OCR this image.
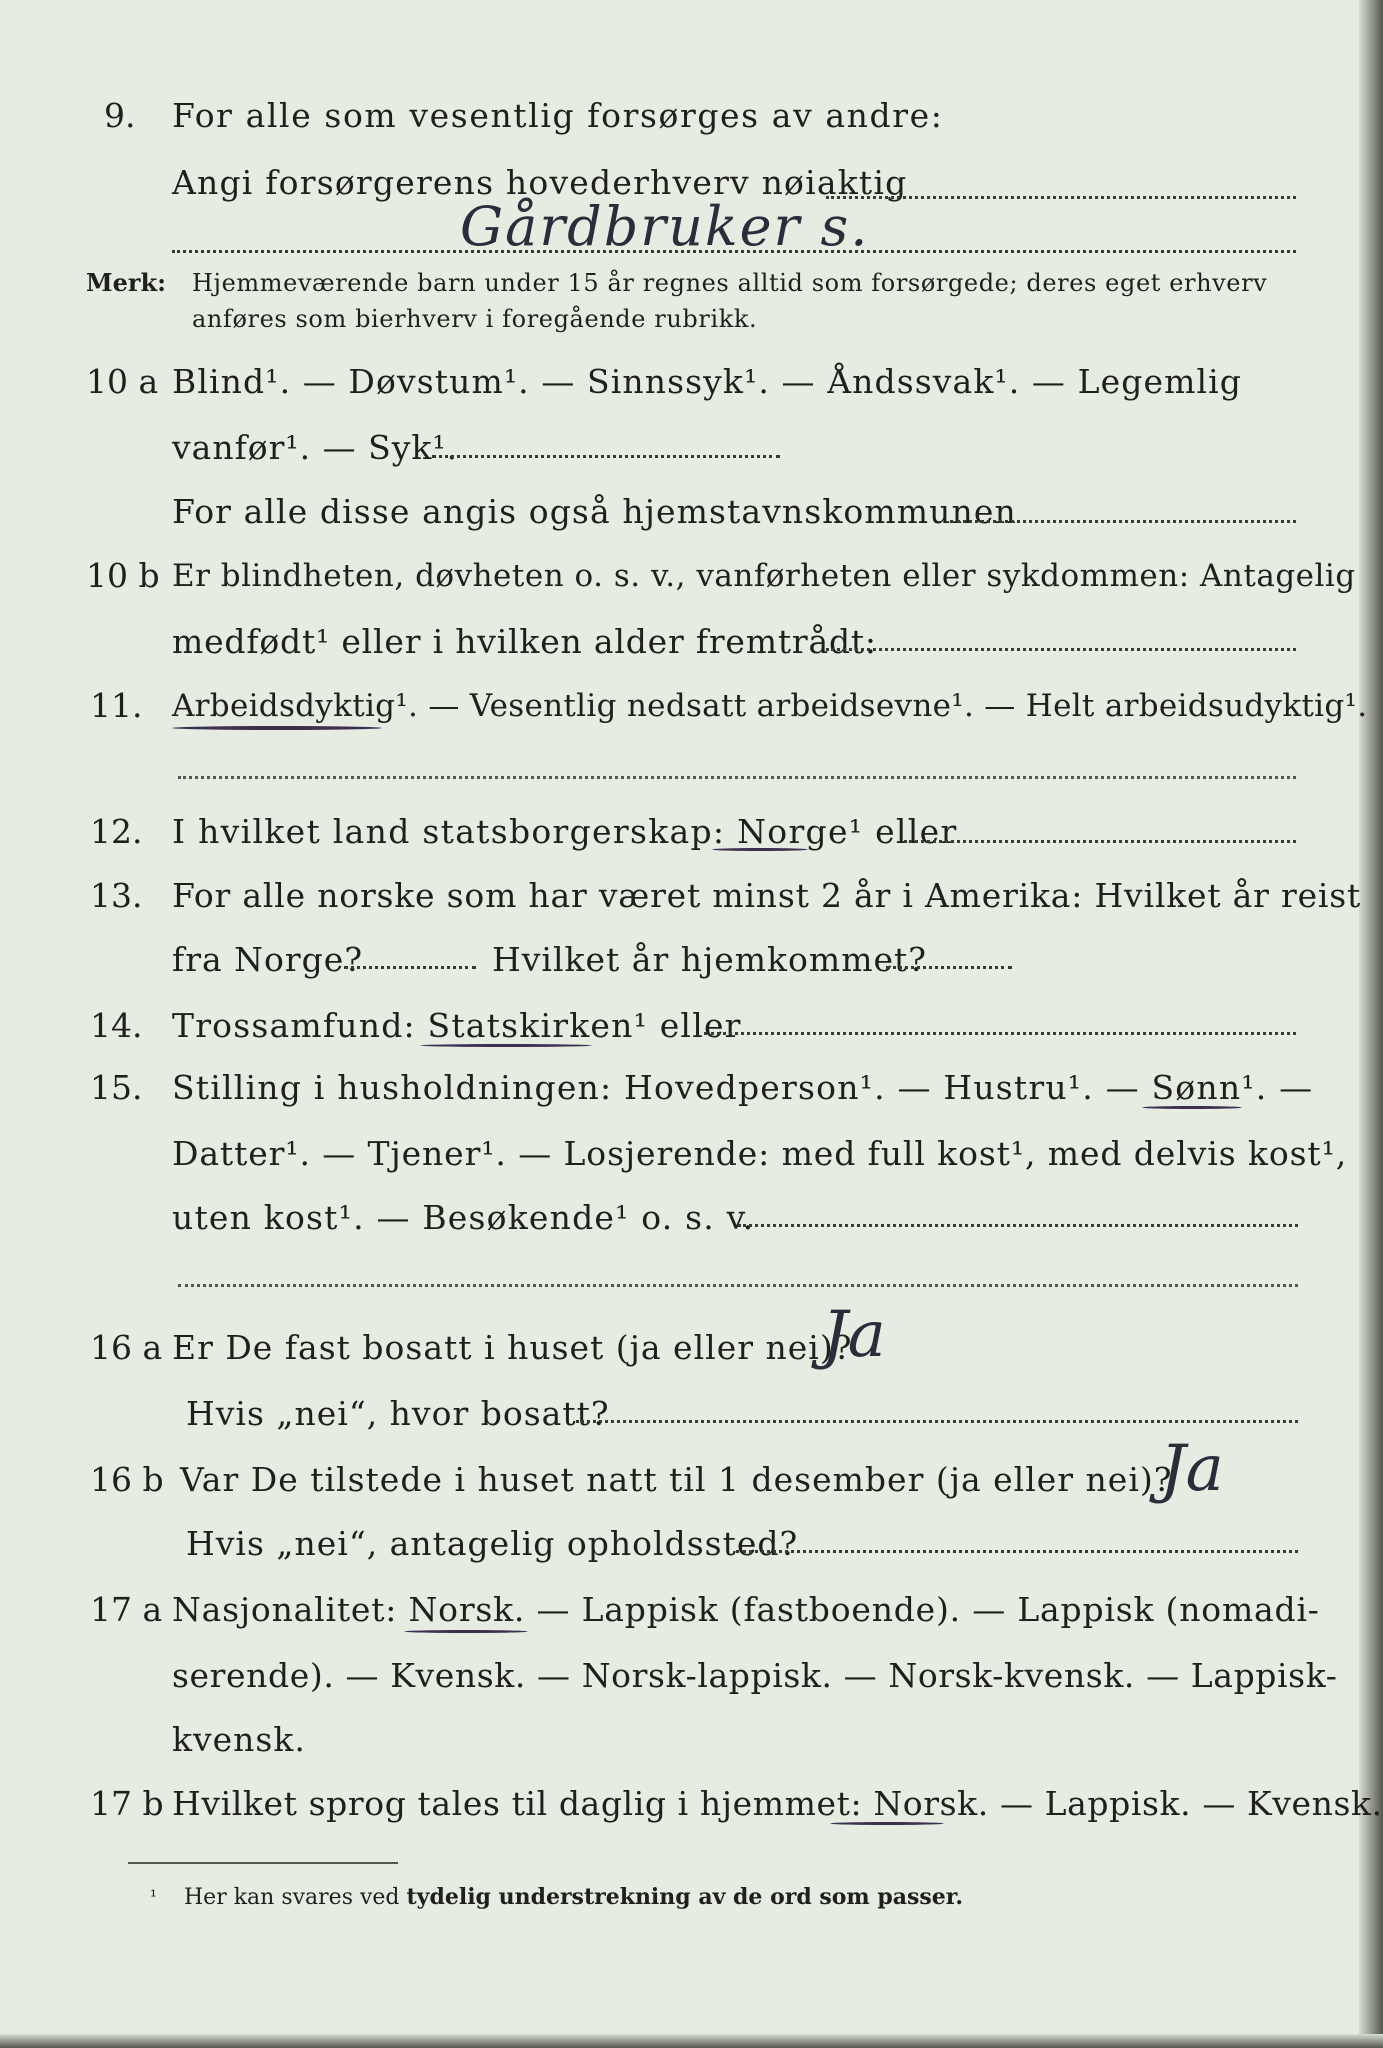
9. For alle som vesentlig forsørges av andre:
Angi forsørgerens hovederhverv nøiaktig
Gårdbruker s.
Merk: Hjemmeværende barn under 15 år regnes alltid som forsørgede; deres eget erhverv
anføres som bierhverv i foregående rubrikk.
10 a Blind¹. — Døvstum¹. — Sinnssyk¹. — Åndssvak¹. — Legemlig
vanfør¹. — Syk¹.
For alle disse angis også hjemstavnskommunen
10 b Er blindheten, døvheten o. s. v., vanførheten eller sykdommen: Antagelig
medfødt¹ eller i hvilken alder fremtrådt:
11. Arbeidsdyktig¹. — Vesentlig nedsatt arbeidsevne¹. — Helt arbeidsudyktig¹.
12. I hvilket land statsborgerskap: Norge¹ eller
13. For alle norske som har været minst 2 år i Amerika: Hvilket år reist
fra Norge?	Hvilket år hjemkommet?
14. Trossamfund: Statskirken¹ eller
15. Stilling i husholdningen: Hovedperson¹. — Hustru¹. — Sønn¹. —
Datter¹. — Tjener¹. — Losjerende: med full kost¹, med delvis kost¹,
uten kost¹. — Besøkende¹ o. s. v.
16 a Er De fast bosatt i huset (ja eller nei)?
Ja
Hvis „nei“, hvor bosatt?
16 b Var De tilstede i huset natt til 1 desember (ja eller nei)?
Ja
Hvis „nei“, antagelig opholdssted?
17 a Nasjonalitet: Norsk. — Lappisk (fastboende). — Lappisk (nomadi-
serende). — Kvensk. — Norsk-lappisk. — Norsk-kvensk. — Lappisk-
kvensk.
17 b Hvilket sprog tales til daglig i hjemmet: Norsk. — Lappisk. — Kvensk.
¹ Her kan svares ved tydelig understrekning av de ord som passer.
